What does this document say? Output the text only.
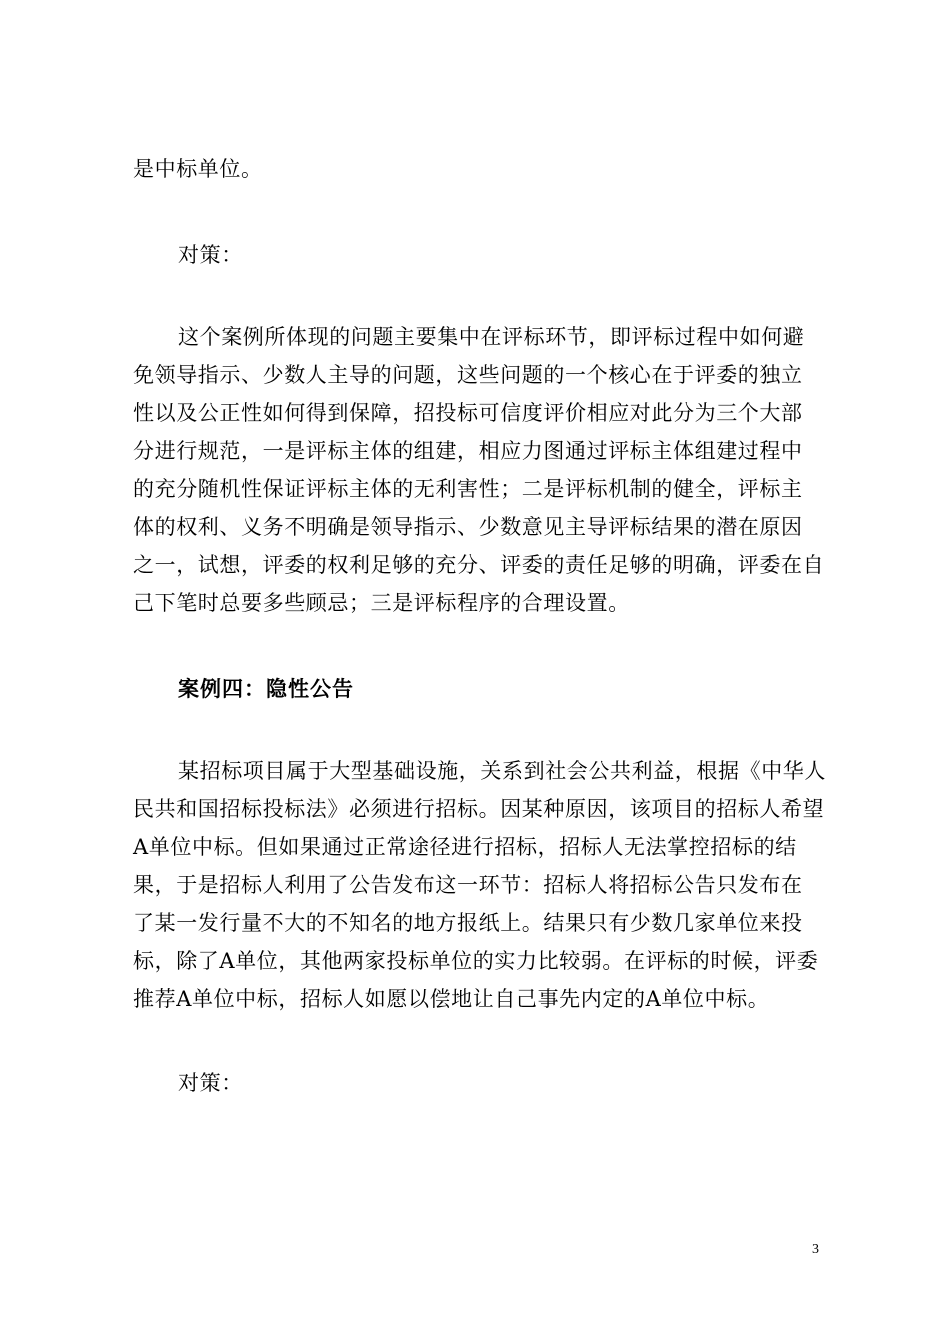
是中标单位。
对策：
这个案例所体现的问题主要集中在评标环节，即评标过程中如何避
免领导指示、少数人主导的问题，这些问题的一个核心在于评委的独立
性以及公正性如何得到保障，招投标可信度评价相应对此分为三个大部
分进行规范，一是评标主体的组建，相应力图通过评标主体组建过程中
的充分随机性保证评标主体的无利害性；二是评标机制的健全，评标主
体的权利、义务不明确是领导指示、少数意见主导评标结果的潜在原因
之一，试想，评委的权利足够的充分、评委的责任足够的明确，评委在自
己下笔时总要多些顾忌；三是评标程序的合理设置。
案例四：隐性公告
某招标项目属于大型基础设施，关系到社会公共利益，根据《中华人
民共和国招标投标法》必须进行招标。因某种原因，该项目的招标人希望
A单位中标。但如果通过正常途径进行招标，招标人无法掌控招标的结
果，于是招标人利用了公告发布这一环节：招标人将招标公告只发布在
了某一发行量不大的不知名的地方报纸上。结果只有少数几家单位来投
标，除了A单位，其他两家投标单位的实力比较弱。在评标的时候，评委
推荐A单位中标，招标人如愿以偿地让自己事先内定的A单位中标。
对策：
3
